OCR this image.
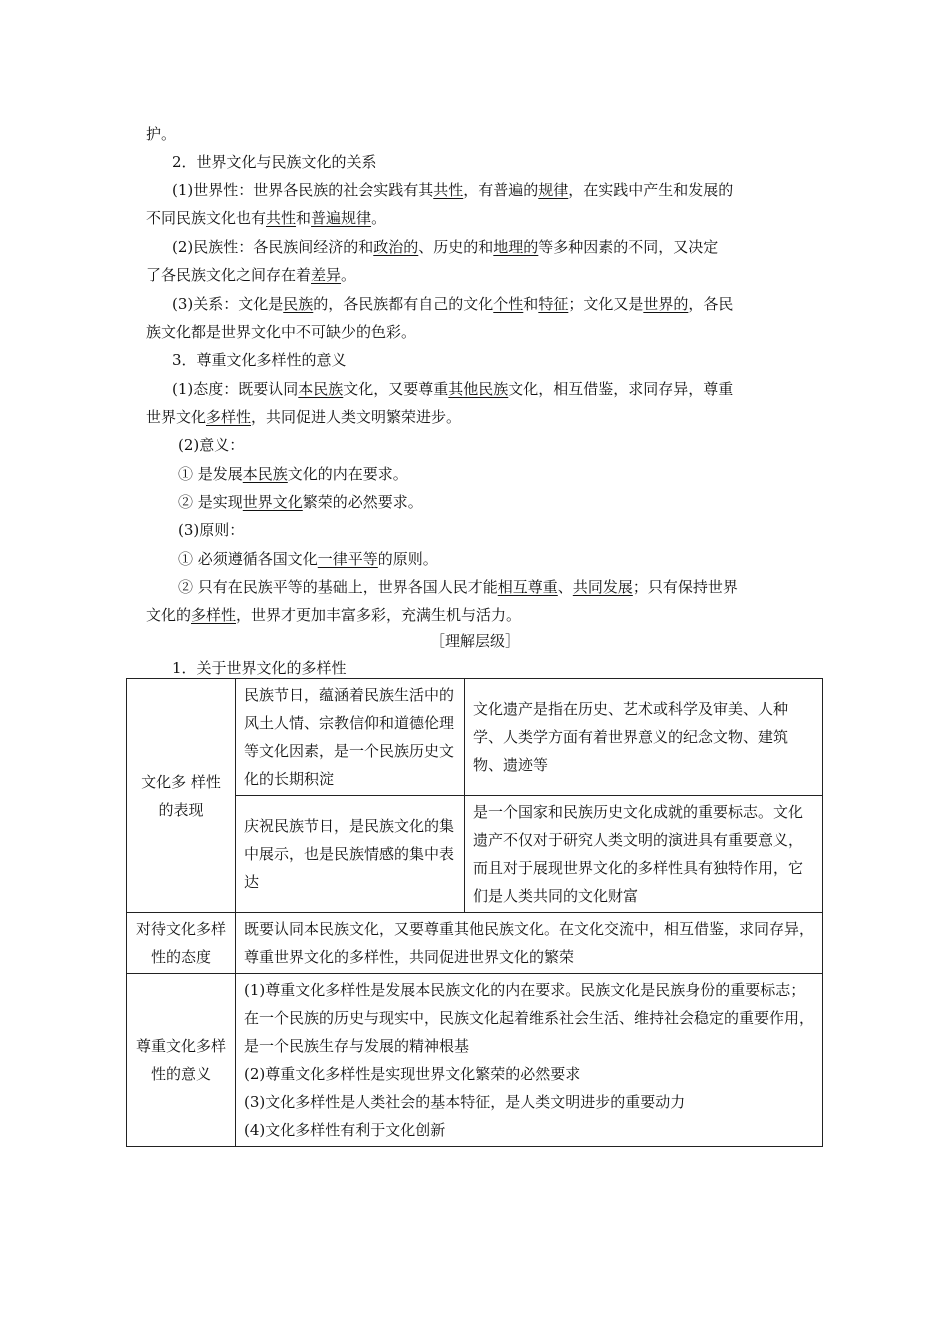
护。
2．世界文化与民族文化的关系
(1)世界性：世界各民族的社会实践有其共性，有普遍的规律，在实践中产生和发展的
不同民族文化也有共性和普遍规律。
(2)民族性：各民族间经济的和政治的、历史的和地理的等多种因素的不同，又决定
了各民族文化之间存在着差异。
(3)关系：文化是民族的，各民族都有自己的文化个性和特征；文化又是世界的，各民
族文化都是世界文化中不可缺少的色彩。
3．尊重文化多样性的意义
(1)态度：既要认同本民族文化，又要尊重其他民族文化，相互借鉴，求同存异，尊重
世界文化多样性，共同促进人类文明繁荣进步。
(2)意义：
① 是发展本民族文化的内在要求。
② 是实现世界文化繁荣的必然要求。
(3)原则：
① 必须遵循各国文化一律平等的原则。
② 只有在民族平等的基础上，世界各国人民才能相互尊重、共同发展；只有保持世界
文化的多样性，世界才更加丰富多彩，充满生机与活力。
［理解层级］
1．关于世界文化的多样性
文化多 样性的表现	民族节日，蕴涵着民族生活中的风土人情、宗教信仰和道德伦理等文化因素，是一个民族历史文化的长期积淀	文化遗产是指在历史、艺术或科学及审美、人种学、人类学方面有着世界意义的纪念文物、建筑物、遗迹等
	庆祝民族节日，是民族文化的集中展示，也是民族情感的集中表达	是一个国家和民族历史文化成就的重要标志。文化遗产不仅对于研究人类文明的演进具有重要意义，而且对于展现世界文化的多样性具有独特作用，它们是人类共同的文化财富
对待文化多样性的态度	既要认同本民族文化，又要尊重其他民族文化。在文化交流中，相互借鉴，求同存异，尊重世界文化的多样性，共同促进世界文化的繁荣	
尊重文化多样性的意义	(1)尊重文化多样性是发展本民族文化的内在要求。民族文化是民族身份的重要标志；在一个民族的历史与现实中，民族文化起着维系社会生活、维持社会稳定的重要作用，是一个民族生存与发展的精神根基
(2)尊重文化多样性是实现世界文化繁荣的必然要求
(3)文化多样性是人类社会的基本特征，是人类文明进步的重要动力
(4)文化多样性有利于文化创新	
